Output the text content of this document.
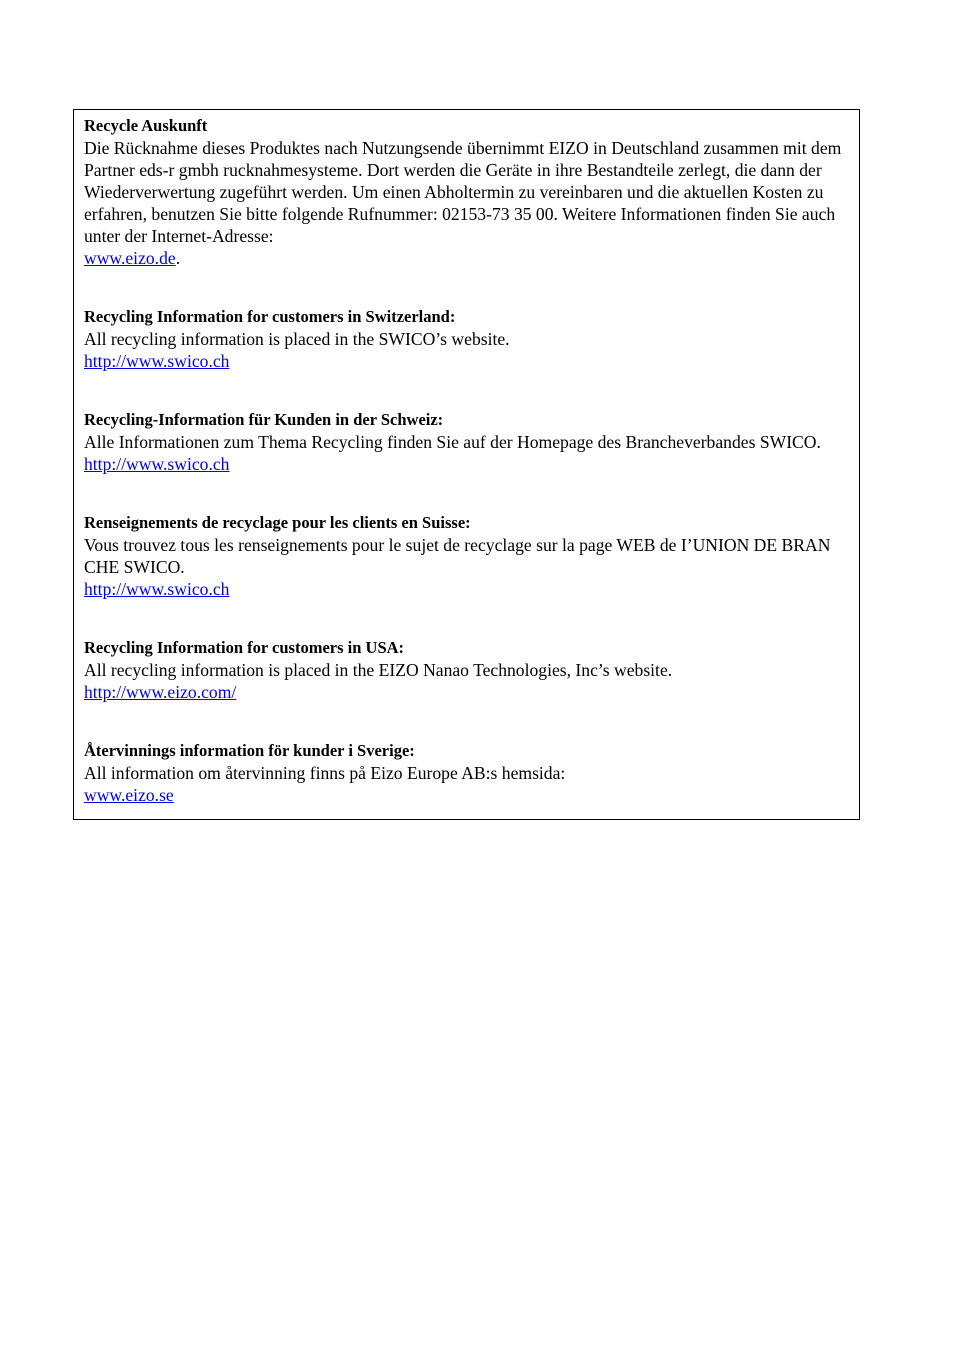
Recycle Auskunft
Die Rücknahme dieses Produktes nach Nutzungsende übernimmt EIZO in Deutschland zusammen mit dem Partner eds-r gmbh rucknahmesysteme. Dort werden die Geräte in ihre Bestandteile zerlegt, die dann der Wiederverwertung zugeführt werden. Um einen Abholtermin zu vereinbaren und die aktuellen Kosten zu erfahren, benutzen Sie bitte folgende Rufnummer: 02153-73 35 00. Weitere Informationen finden Sie auch unter der Internet-Adresse:
www.eizo.de.
Recycling Information for customers in Switzerland:
All recycling information is placed in the SWICO’s website.
http://www.swico.ch
Recycling-Information für Kunden in der Schweiz:
Alle Informationen zum Thema Recycling finden Sie auf der Homepage des Brancheverbandes SWICO.
http://www.swico.ch
Renseignements de recyclage pour les clients en Suisse:
Vous trouvez tous les renseignements pour le sujet de recyclage sur la page WEB de I’UNION DE BRAN CHE SWICO.
http://www.swico.ch
Recycling Information for customers in USA:
All recycling information is placed in the EIZO Nanao Technologies, Inc’s website.
http://www.eizo.com/
Återvinnings information för kunder i Sverige:
All information om återvinning finns på Eizo Europe AB:s hemsida:
www.eizo.se
